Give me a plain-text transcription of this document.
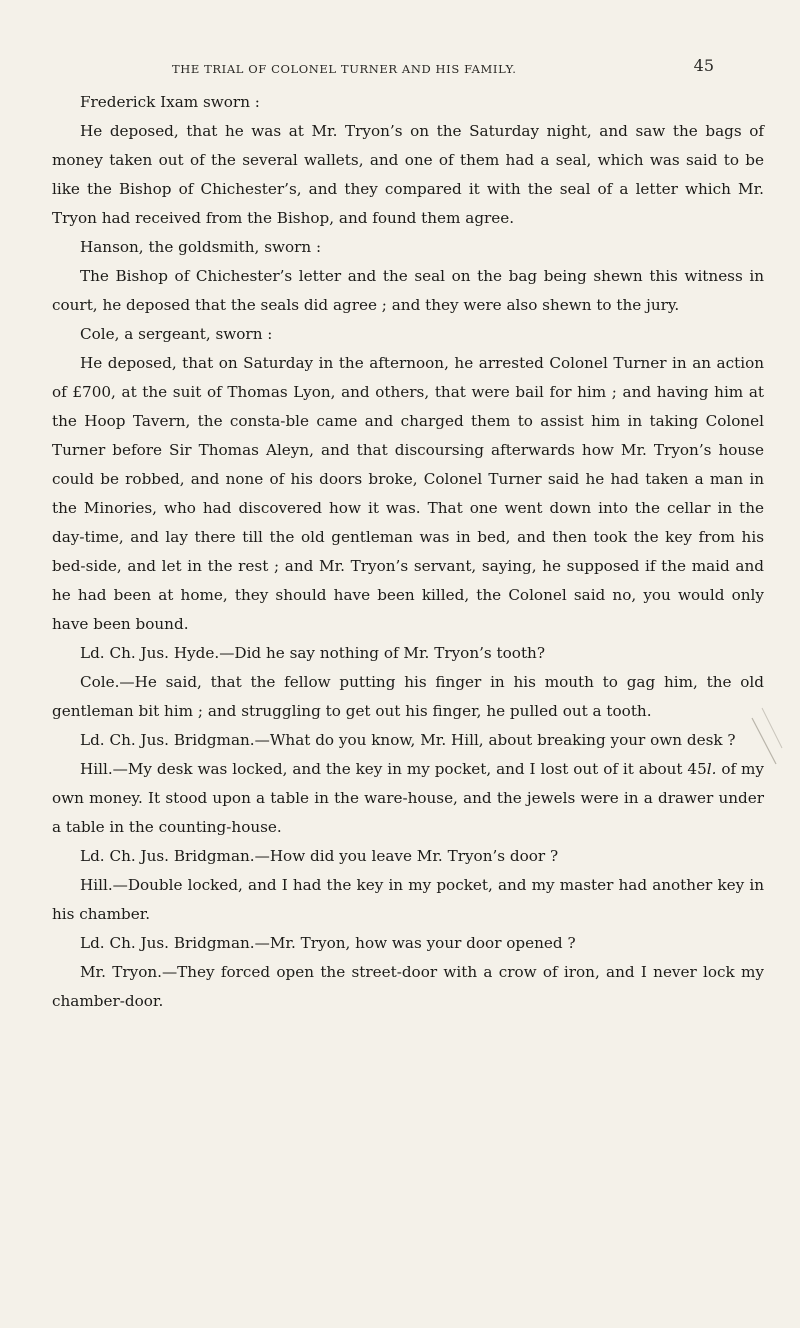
THE TRIAL OF COLONEL TURNER AND HIS FAMILY.	45

Frederick Ixam sworn :

He deposed, that he was at Mr. Tryon’s on the Saturday night, and saw the bags of money taken out of the several wallets, and one of them had a seal, which was said to be like the Bishop of Chichester’s, and they compared it with the seal of a letter which Mr. Tryon had received from the Bishop, and found them agree.

Hanson, the goldsmith, sworn :

The Bishop of Chichester’s letter and the seal on the bag being shewn this witness in court, he deposed that the seals did agree ; and they were also shewn to the jury.

Cole, a sergeant, sworn :

He deposed, that on Saturday in the afternoon, he arrested Colonel Turner in an action of £700, at the suit of Thomas Lyon, and others, that were bail for him ; and having him at the Hoop Tavern, the consta-ble came and charged them to assist him in taking Colonel Turner before Sir Thomas Aleyn, and that discoursing afterwards how Mr. Tryon’s house could be robbed, and none of his doors broke, Colonel Turner said he had taken a man in the Minories, who had discovered how it was. That one went down into the cellar in the day-time, and lay there till the old gentleman was in bed, and then took the key from his bed-side, and let in the rest ; and Mr. Tryon’s servant, saying, he supposed if the maid and he had been at home, they should have been killed, the Colonel said no, you would only have been bound.

Ld. Ch. Jus. Hyde.—Did he say nothing of Mr. Tryon’s tooth?

Cole.—He said, that the fellow putting his finger in his mouth to gag him, the old gentleman bit him ; and struggling to get out his finger, he pulled out a tooth.

Ld. Ch. Jus. Bridgman.—What do you know, Mr. Hill, about breaking your own desk ?

Hill.—My desk was locked, and the key in my pocket, and I lost out of it about 45l. of my own money. It stood upon a table in the ware-house, and the jewels were in a drawer under a table in the counting-house.

Ld. Ch. Jus. Bridgman.—How did you leave Mr. Tryon’s door ?

Hill.—Double locked, and I had the key in my pocket, and my master had another key in his chamber.

Ld. Ch. Jus. Bridgman.—Mr. Tryon, how was your door opened ?

Mr. Tryon.—They forced open the street-door with a crow of iron, and I never lock my chamber-door.
